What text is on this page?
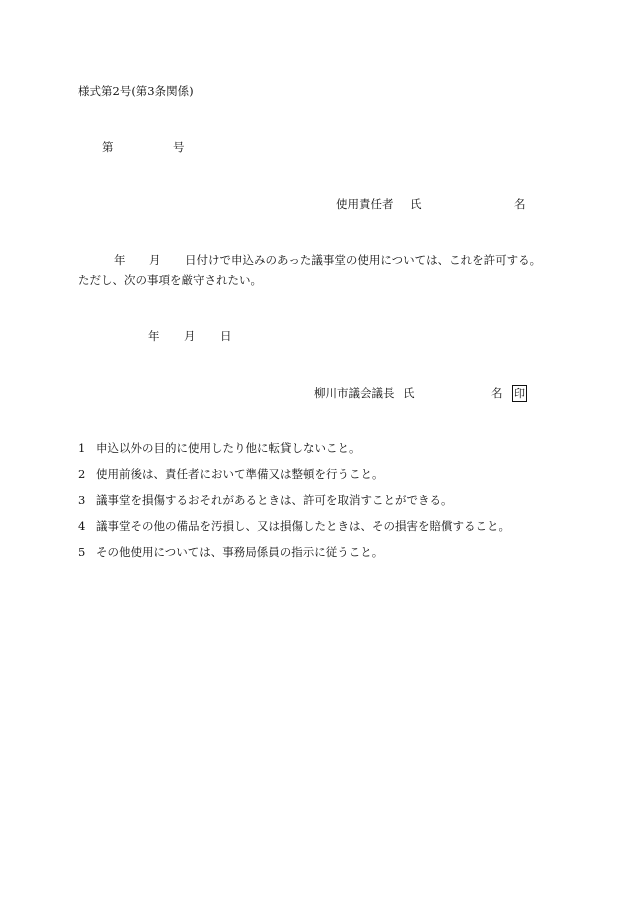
様式第2号(第3条関係)
第	号
使用責任者 氏	名
年 月 日付けで申込みのあった議事堂の使用については、これを許可する。
ただし、次の事項を厳守されたい。
年 月 日
柳川市議会議長 氏	名 印
1 申込以外の目的に使用したり他に転貸しないこと。
2 使用前後は、責任者において準備又は整頓を行うこと。
3 議事堂を損傷するおそれがあるときは、許可を取消すことができる。
4 議事堂その他の備品を汚損し、又は損傷したときは、その損害を賠償すること。
5 その他使用については、事務局係員の指示に従うこと。
